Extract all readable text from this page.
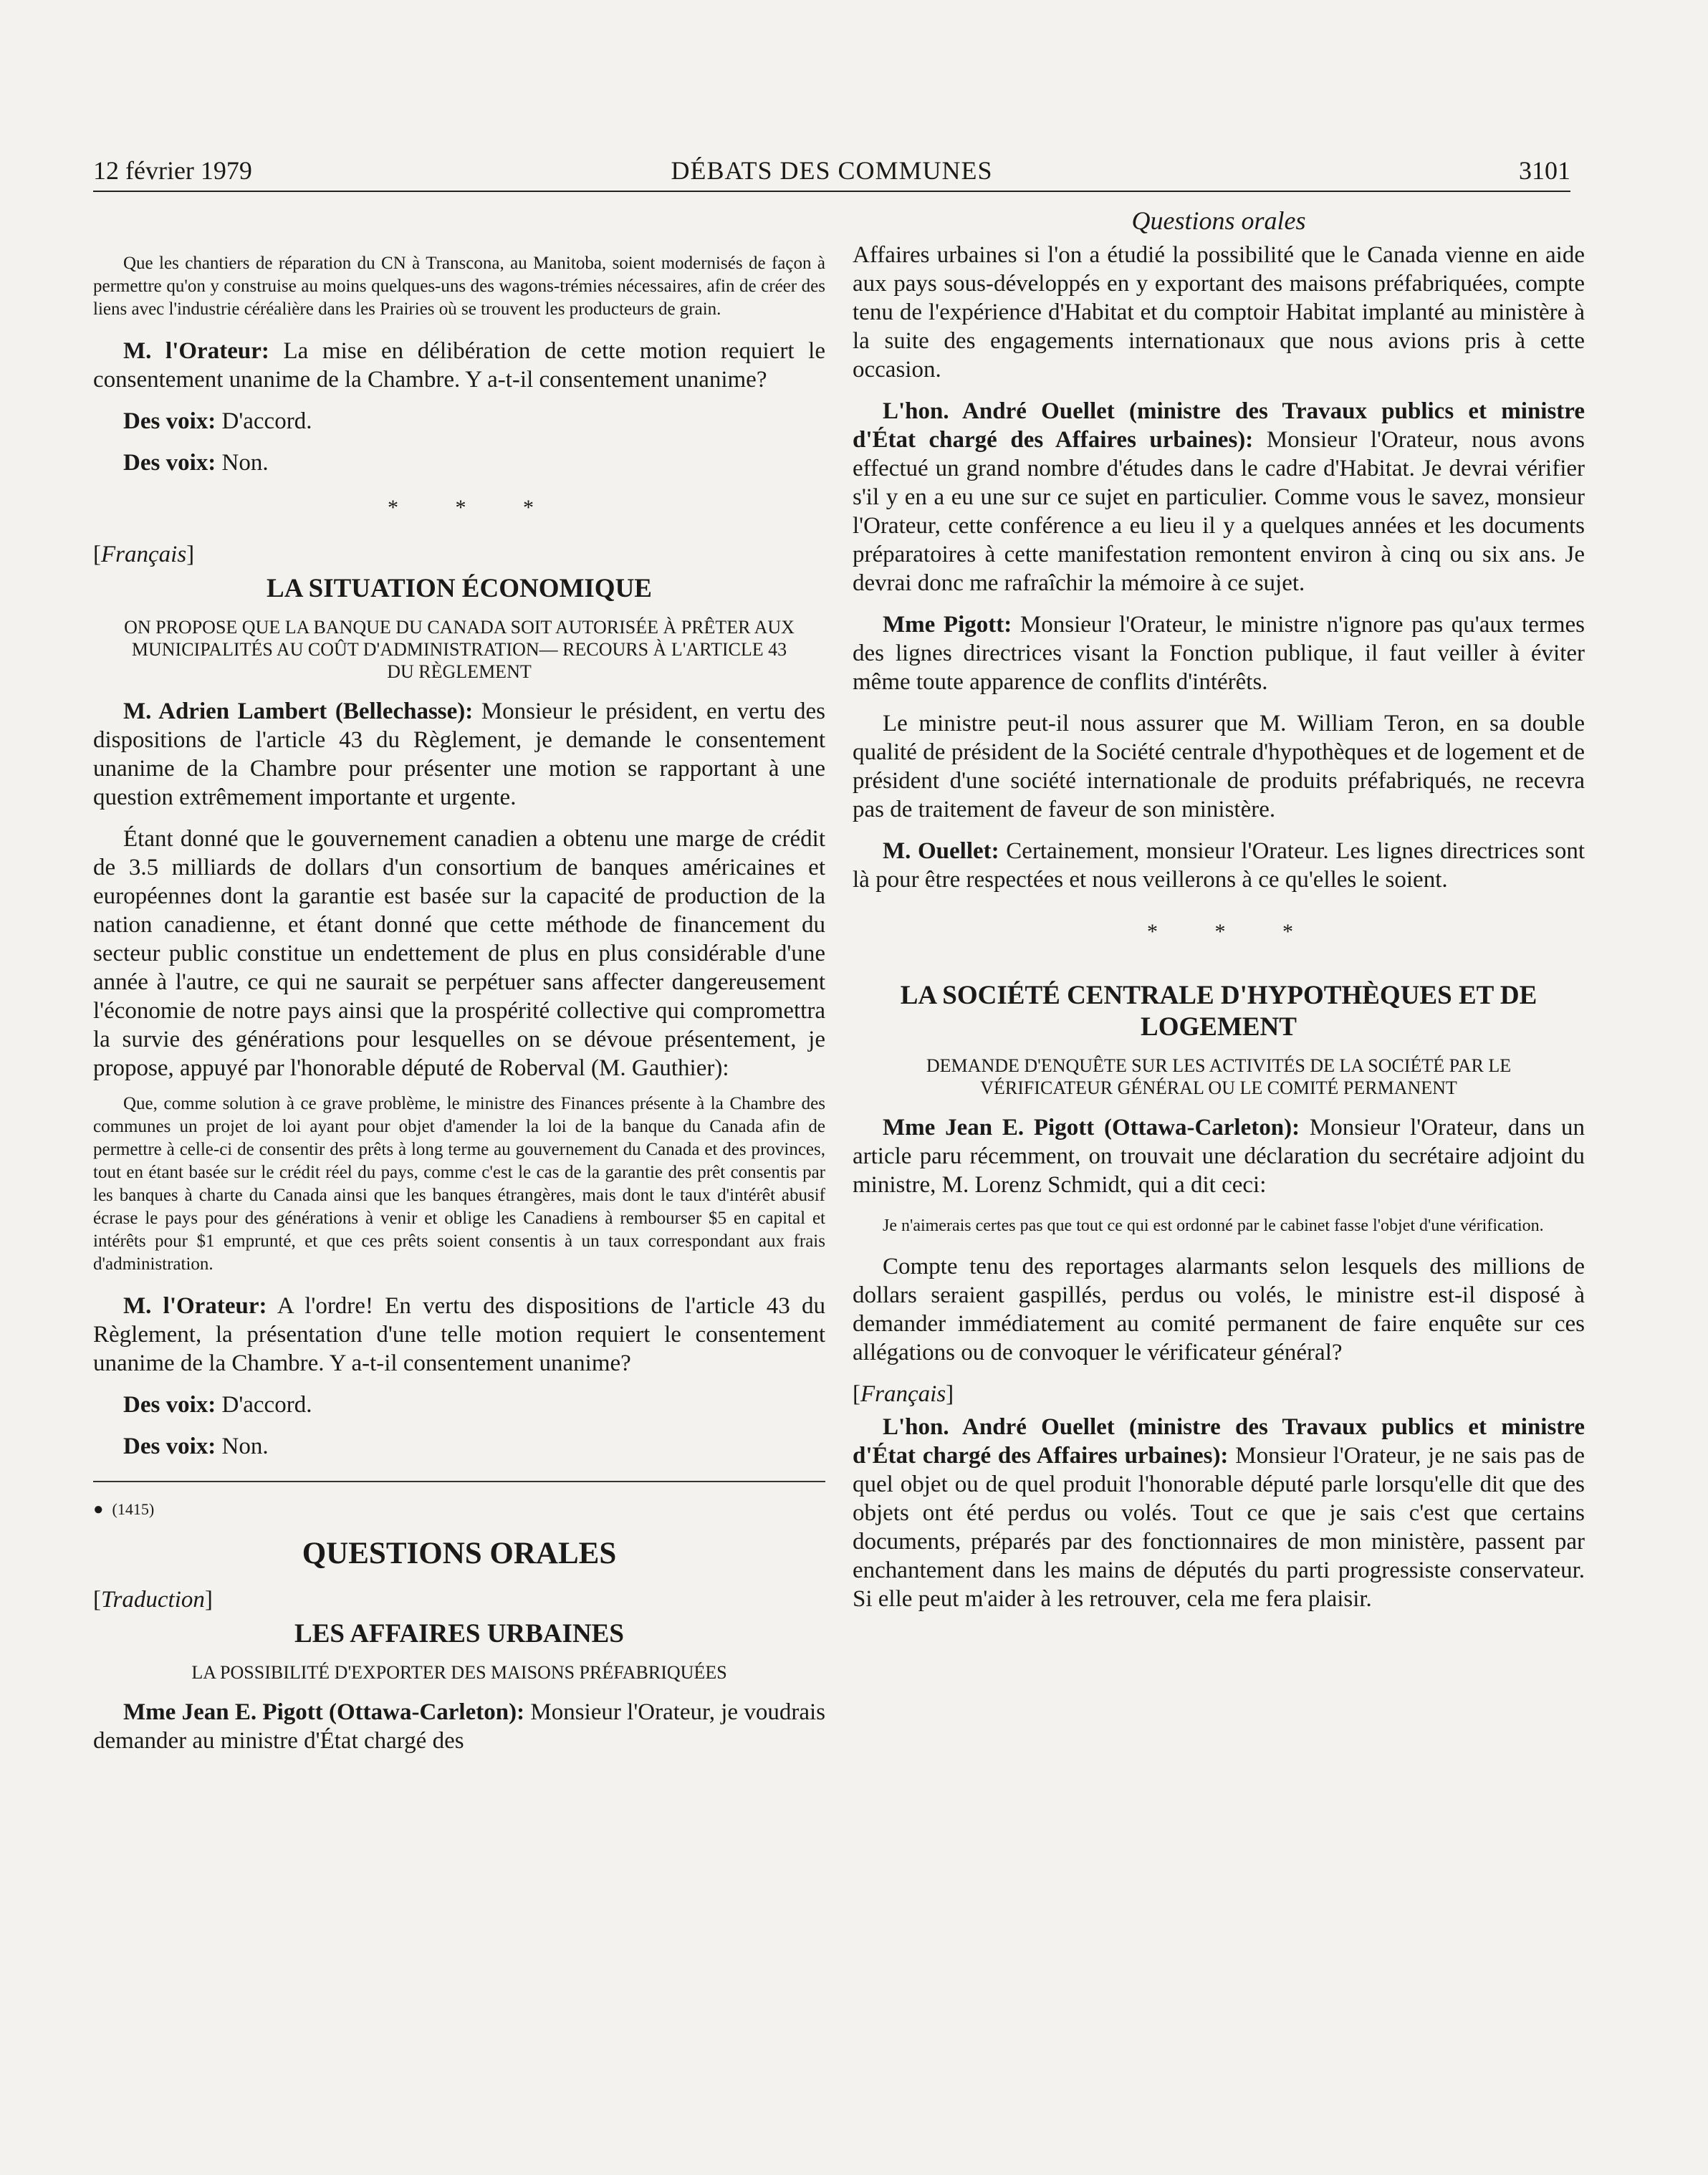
12 février 1979	DÉBATS DES COMMUNES	3101

Que les chantiers de réparation du CN à Transcona, au Manitoba, soient modernisés de façon à permettre qu'on y construise au moins quelques-uns des wagons-trémies nécessaires, afin de créer des liens avec l'industrie céréalière dans les Prairies où se trouvent les producteurs de grain.

M. l'Orateur: La mise en délibération de cette motion requiert le consentement unanime de la Chambre. Y a-t-il consentement unanime?

Des voix: D'accord.

Des voix: Non.

* * *

[Français]

LA SITUATION ÉCONOMIQUE

ON PROPOSE QUE LA BANQUE DU CANADA SOIT AUTORISÉE À PRÊTER AUX MUNICIPALITÉS AU COÛT D'ADMINISTRATION— RECOURS À L'ARTICLE 43 DU RÈGLEMENT

M. Adrien Lambert (Bellechasse): Monsieur le président, en vertu des dispositions de l'article 43 du Règlement, je demande le consentement unanime de la Chambre pour présenter une motion se rapportant à une question extrêmement importante et urgente.

Étant donné que le gouvernement canadien a obtenu une marge de crédit de 3.5 milliards de dollars d'un consortium de banques américaines et européennes dont la garantie est basée sur la capacité de production de la nation canadienne, et étant donné que cette méthode de financement du secteur public constitue un endettement de plus en plus considérable d'une année à l'autre, ce qui ne saurait se perpétuer sans affecter dangereusement l'économie de notre pays ainsi que la prospérité collective qui compromettra la survie des générations pour lesquelles on se dévoue présentement, je propose, appuyé par l'honorable député de Roberval (M. Gauthier):

Que, comme solution à ce grave problème, le ministre des Finances présente à la Chambre des communes un projet de loi ayant pour objet d'amender la loi de la banque du Canada afin de permettre à celle-ci de consentir des prêts à long terme au gouvernement du Canada et des provinces, tout en étant basée sur le crédit réel du pays, comme c'est le cas de la garantie des prêt consentis par les banques à charte du Canada ainsi que les banques étrangères, mais dont le taux d'intérêt abusif écrase le pays pour des générations à venir et oblige les Canadiens à rembourser $5 en capital et intérêts pour $1 emprunté, et que ces prêts soient consentis à un taux correspondant aux frais d'administration.

M. l'Orateur: A l'ordre! En vertu des dispositions de l'article 43 du Règlement, la présentation d'une telle motion requiert le consentement unanime de la Chambre. Y a-t-il consentement unanime?

Des voix: D'accord.

Des voix: Non.

● (1415)

QUESTIONS ORALES

[Traduction]

LES AFFAIRES URBAINES

LA POSSIBILITÉ D'EXPORTER DES MAISONS PRÉFABRIQUÉES

Mme Jean E. Pigott (Ottawa-Carleton): Monsieur l'Orateur, je voudrais demander au ministre d'État chargé des

Questions orales

Affaires urbaines si l'on a étudié la possibilité que le Canada vienne en aide aux pays sous-développés en y exportant des maisons préfabriquées, compte tenu de l'expérience d'Habitat et du comptoir Habitat implanté au ministère à la suite des engagements internationaux que nous avions pris à cette occasion.

L'hon. André Ouellet (ministre des Travaux publics et ministre d'État chargé des Affaires urbaines): Monsieur l'Orateur, nous avons effectué un grand nombre d'études dans le cadre d'Habitat. Je devrai vérifier s'il y en a eu une sur ce sujet en particulier. Comme vous le savez, monsieur l'Orateur, cette conférence a eu lieu il y a quelques années et les documents préparatoires à cette manifestation remontent environ à cinq ou six ans. Je devrai donc me rafraîchir la mémoire à ce sujet.

Mme Pigott: Monsieur l'Orateur, le ministre n'ignore pas qu'aux termes des lignes directrices visant la Fonction publique, il faut veiller à éviter même toute apparence de conflits d'intérêts.

Le ministre peut-il nous assurer que M. William Teron, en sa double qualité de président de la Société centrale d'hypothèques et de logement et de président d'une société internationale de produits préfabriqués, ne recevra pas de traitement de faveur de son ministère.

M. Ouellet: Certainement, monsieur l'Orateur. Les lignes directrices sont là pour être respectées et nous veillerons à ce qu'elles le soient.

* * *

LA SOCIÉTÉ CENTRALE D'HYPOTHÈQUES ET DE LOGEMENT

DEMANDE D'ENQUÊTE SUR LES ACTIVITÉS DE LA SOCIÉTÉ PAR LE VÉRIFICATEUR GÉNÉRAL OU LE COMITÉ PERMANENT

Mme Jean E. Pigott (Ottawa-Carleton): Monsieur l'Orateur, dans un article paru récemment, on trouvait une déclaration du secrétaire adjoint du ministre, M. Lorenz Schmidt, qui a dit ceci:

Je n'aimerais certes pas que tout ce qui est ordonné par le cabinet fasse l'objet d'une vérification.

Compte tenu des reportages alarmants selon lesquels des millions de dollars seraient gaspillés, perdus ou volés, le ministre est-il disposé à demander immédiatement au comité permanent de faire enquête sur ces allégations ou de convoquer le vérificateur général?

[Français]

L'hon. André Ouellet (ministre des Travaux publics et ministre d'État chargé des Affaires urbaines): Monsieur l'Orateur, je ne sais pas de quel objet ou de quel produit l'honorable député parle lorsqu'elle dit que des objets ont été perdus ou volés. Tout ce que je sais c'est que certains documents, préparés par des fonctionnaires de mon ministère, passent par enchantement dans les mains de députés du parti progressiste conservateur. Si elle peut m'aider à les retrouver, cela me fera plaisir.
